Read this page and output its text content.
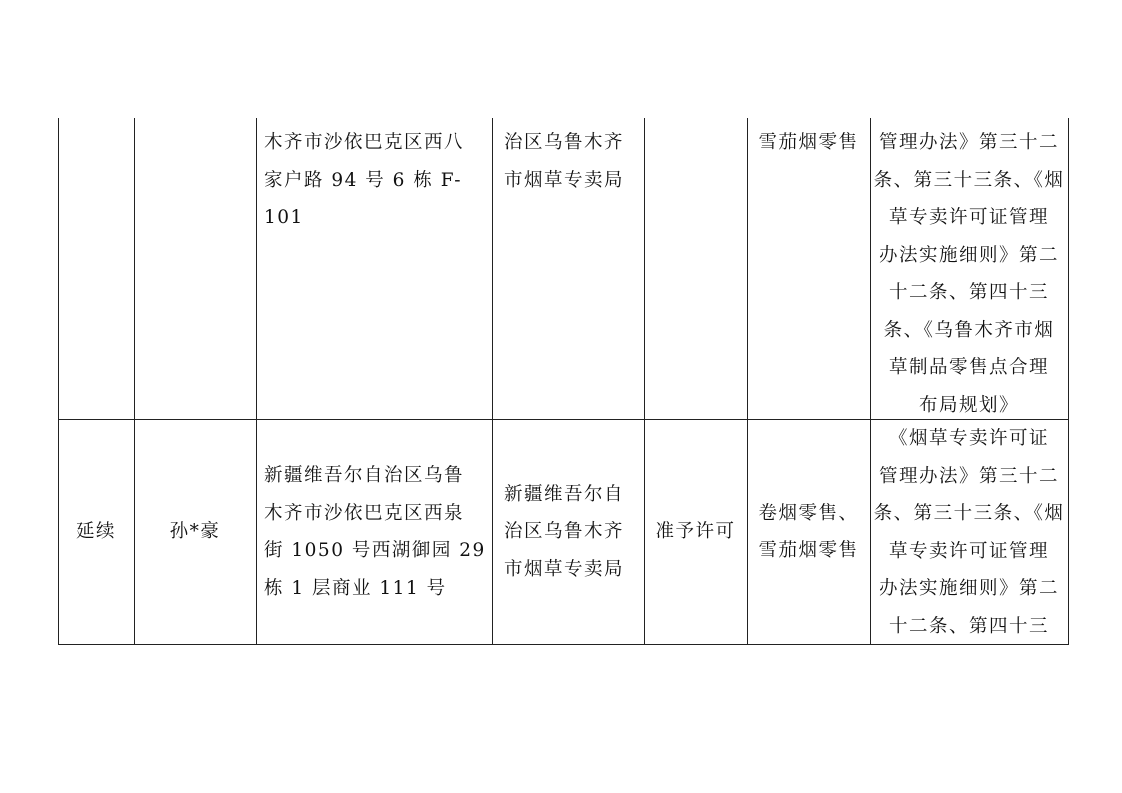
木齐市沙依巴克区西八
家户路 94 号 6 栋 F-101
治区乌鲁木齐
市烟草专卖局
雪茄烟零售	管理办法》第三十二
条、第三十三条、《烟
草专卖许可证管理
办法实施细则》第二
十二条、第四十三
条、《乌鲁木齐市烟
草制品零售点合理
布局规划》
延续	孙*豪
新疆维吾尔自治区乌鲁
木齐市沙依巴克区西泉
街 1050 号西湖御园 29
栋 1 层商业 111 号
新疆维吾尔自
治区乌鲁木齐
市烟草专卖局
准予许可
卷烟零售、
雪茄烟零售
《烟草专卖许可证
管理办法》第三十二
条、第三十三条、《烟
草专卖许可证管理
办法实施细则》第二
十二条、第四十三
